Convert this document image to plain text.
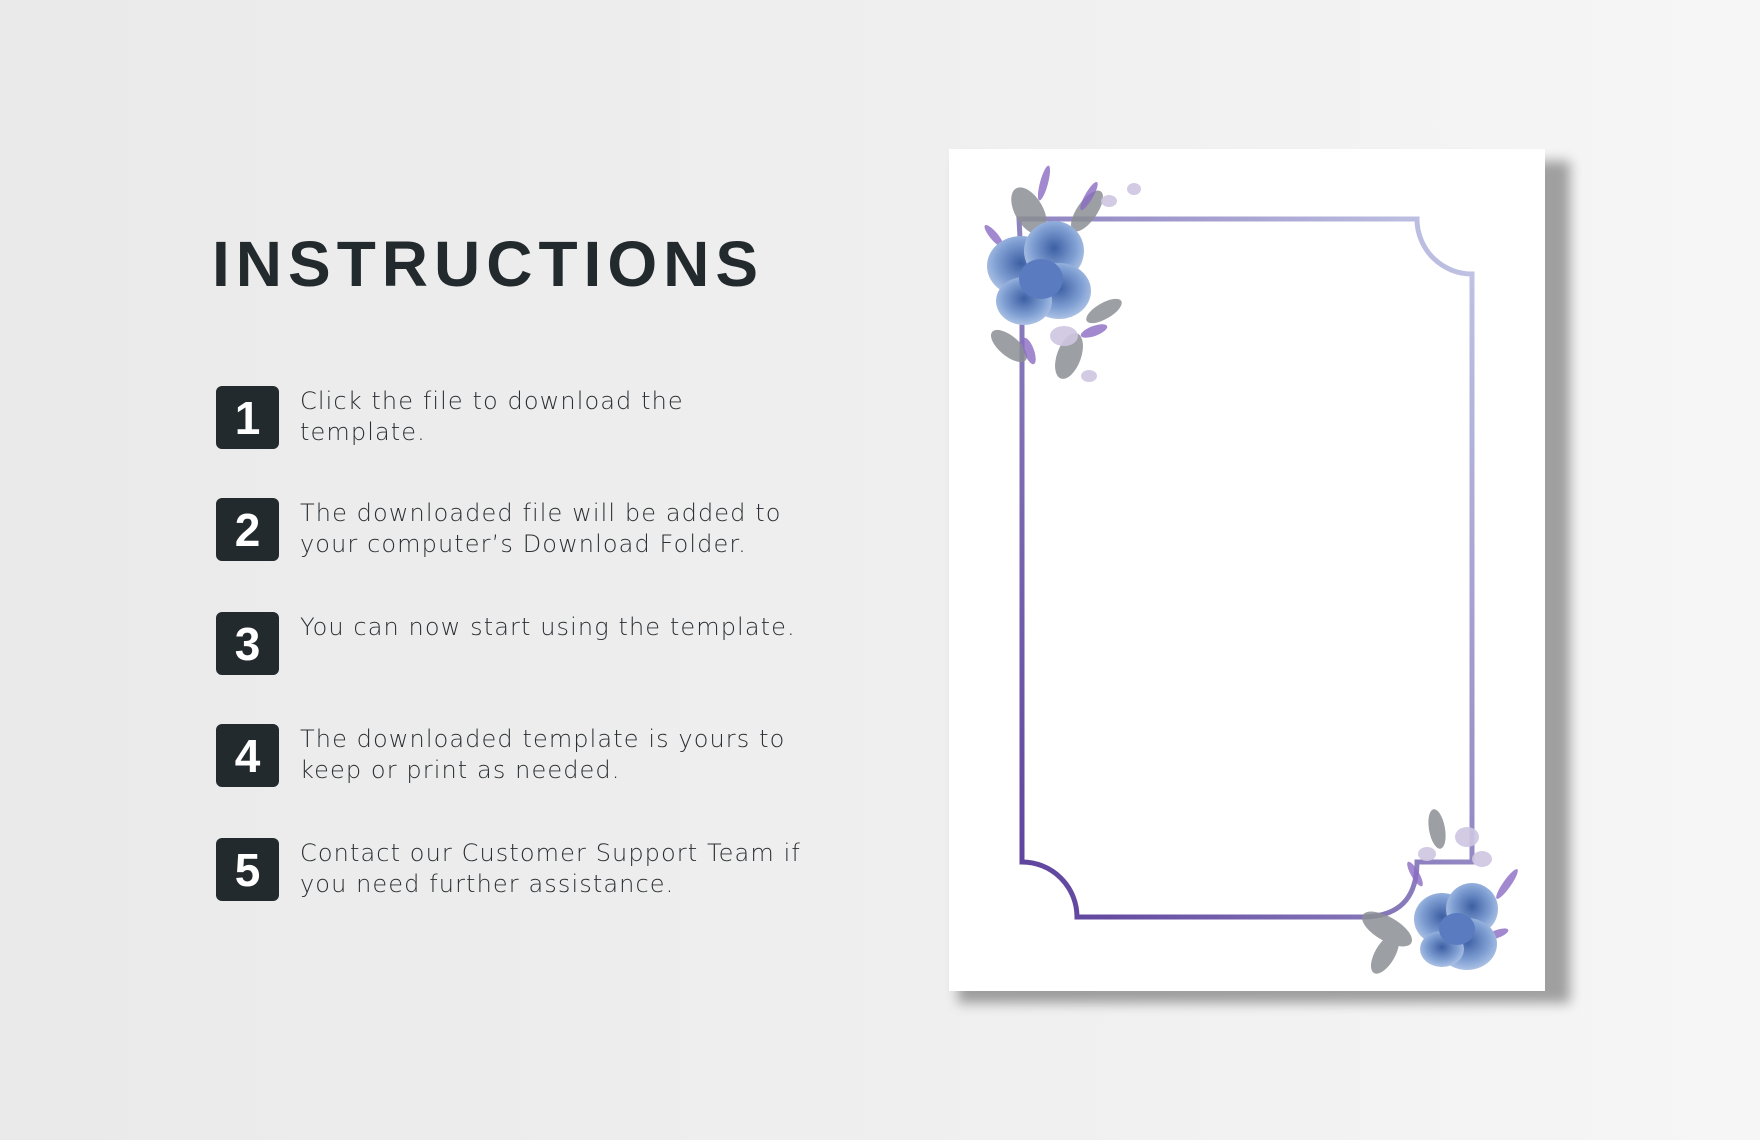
INSTRUCTIONS
1	Click the file to download the template.
2	The downloaded file will be added to your computer’s Download Folder.
3	You can now start using the template.
4	The downloaded template is yours to keep or print as needed.
5	Contact our Customer Support Team if you need further assistance.
